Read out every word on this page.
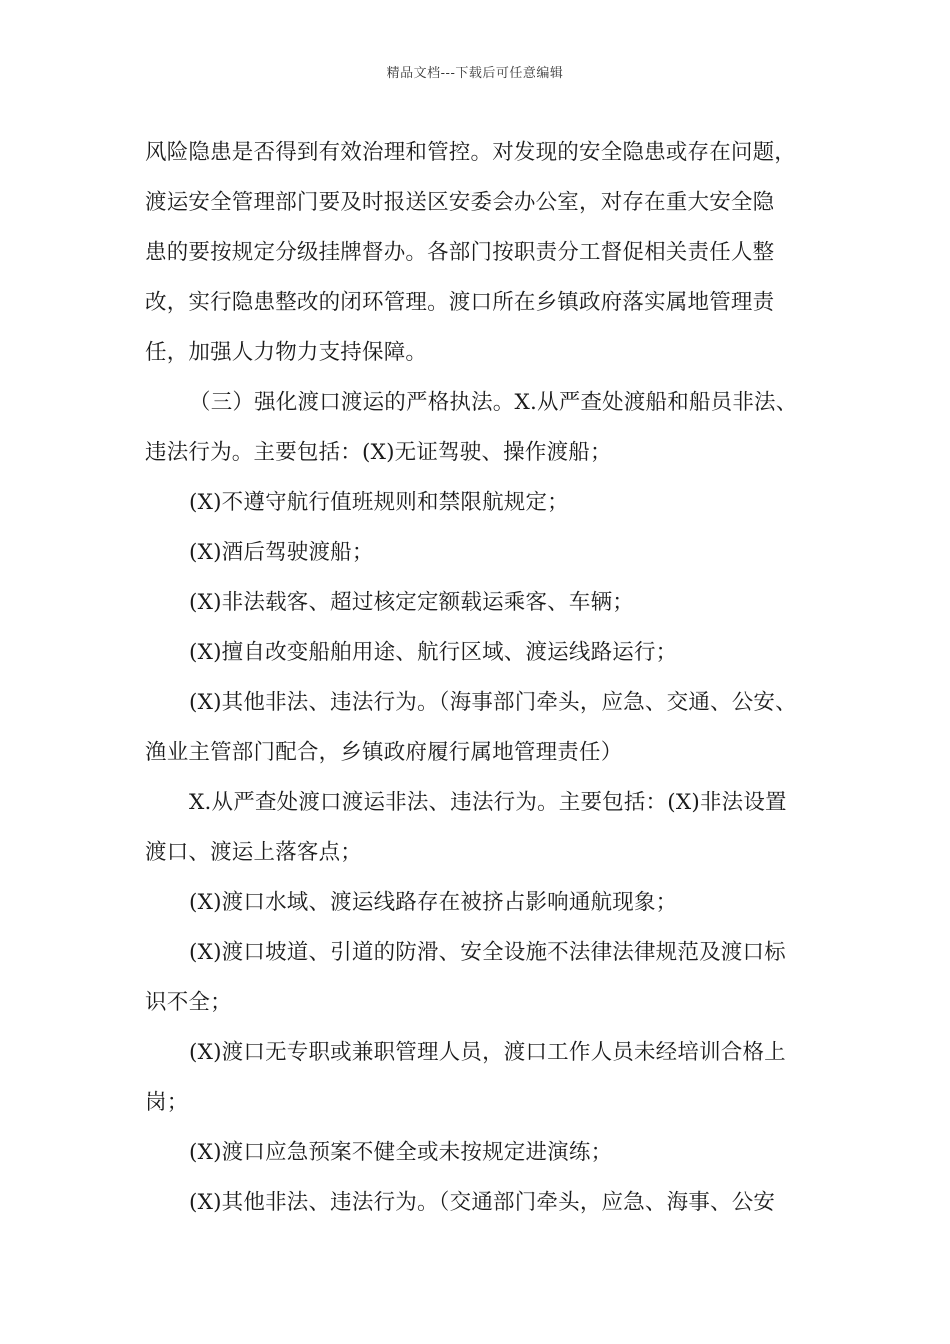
精品文档---下载后可任意编辑
风险隐患是否得到有效治理和管控。对发现的安全隐患或存在问题，
渡运安全管理部门要及时报送区安委会办公室，对存在重大安全隐
患的要按规定分级挂牌督办。各部门按职责分工督促相关责任人整
改，实行隐患整改的闭环管理。渡口所在乡镇政府落实属地管理责
任，加强人力物力支持保障。
（三）强化渡口渡运的严格执法。X.从严查处渡船和船员非法、
违法行为。主要包括：(X)无证驾驶、操作渡船；
(X)不遵守航行值班规则和禁限航规定；
(X)酒后驾驶渡船；
(X)非法载客、超过核定定额载运乘客、车辆；
(X)擅自改变船舶用途、航行区域、渡运线路运行；
(X)其他非法、违法行为。（海事部门牵头，应急、交通、公安、
渔业主管部门配合，乡镇政府履行属地管理责任）
X.从严查处渡口渡运非法、违法行为。主要包括：(X)非法设置
渡口、渡运上落客点；
(X)渡口水域、渡运线路存在被挤占影响通航现象；
(X)渡口坡道、引道的防滑、安全设施不法律法律规范及渡口标
识不全；
(X)渡口无专职或兼职管理人员，渡口工作人员未经培训合格上
岗；
(X)渡口应急预案不健全或未按规定进演练；
(X)其他非法、违法行为。（交通部门牵头，应急、海事、公安
